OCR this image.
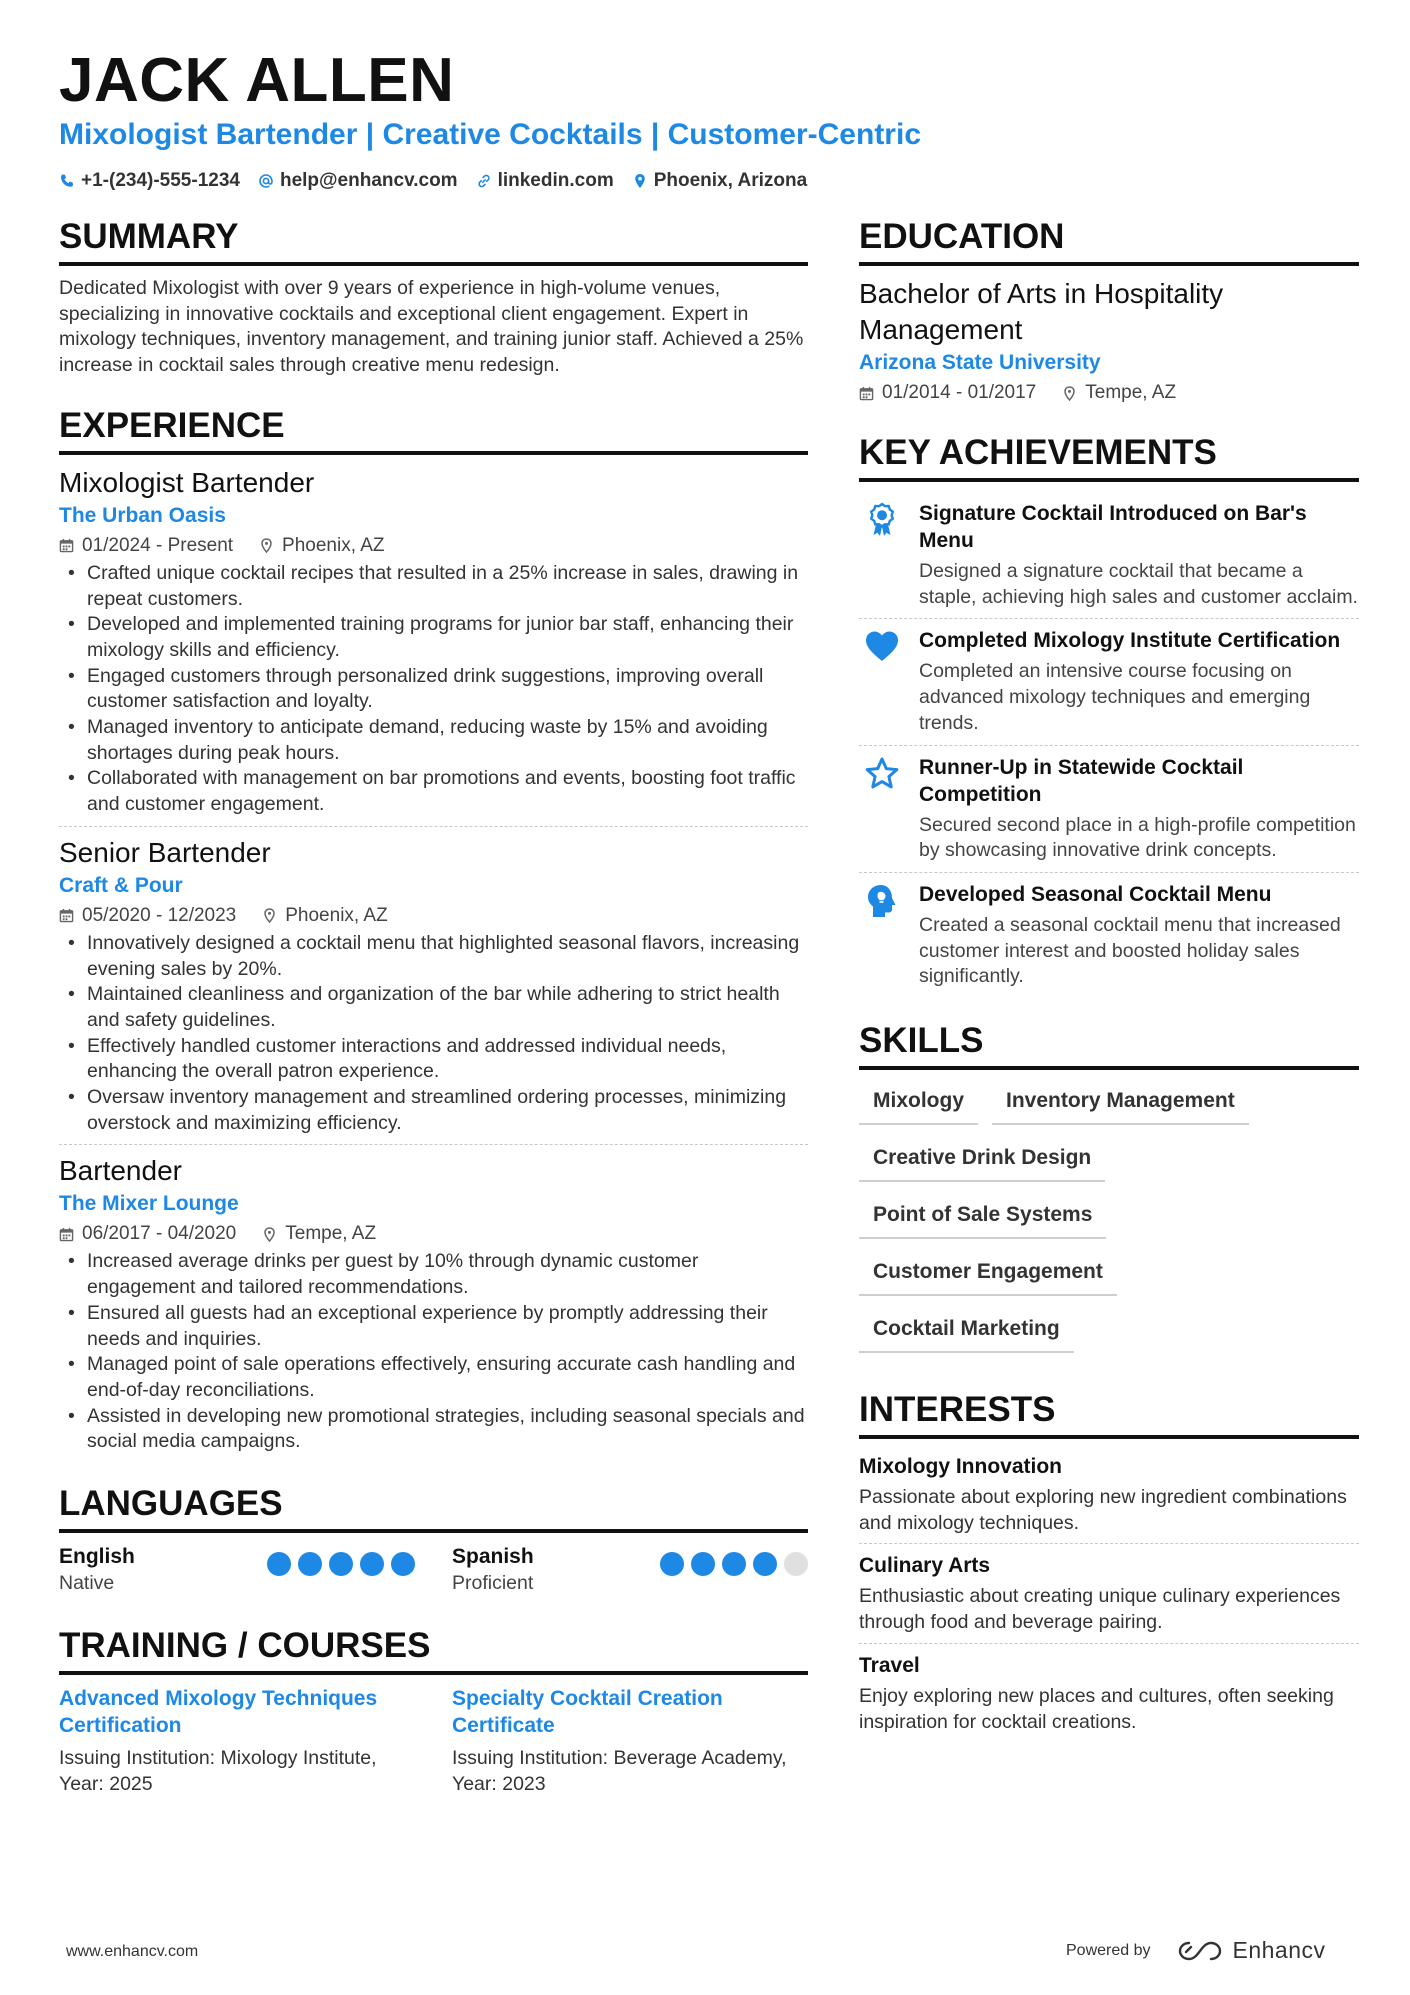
JACK ALLEN
Mixologist Bartender | Creative Cocktails | Customer-Centric
+1-(234)-555-1234 help@enhancv.com linkedin.com Phoenix, Arizona
SUMMARY
Dedicated Mixologist with over 9 years of experience in high-volume venues, specializing in innovative cocktails and exceptional client engagement. Expert in mixology techniques, inventory management, and training junior staff. Achieved a 25% increase in cocktail sales through creative menu redesign.
EXPERIENCE
Mixologist Bartender
The Urban Oasis
01/2024 - Present	Phoenix, AZ
• Crafted unique cocktail recipes that resulted in a 25% increase in sales, drawing in repeat customers.
• Developed and implemented training programs for junior bar staff, enhancing their mixology skills and efficiency.
• Engaged customers through personalized drink suggestions, improving overall customer satisfaction and loyalty.
• Managed inventory to anticipate demand, reducing waste by 15% and avoiding shortages during peak hours.
• Collaborated with management on bar promotions and events, boosting foot traffic and customer engagement.
Senior Bartender
Craft & Pour
05/2020 - 12/2023	Phoenix, AZ
• Innovatively designed a cocktail menu that highlighted seasonal flavors, increasing evening sales by 20%.
• Maintained cleanliness and organization of the bar while adhering to strict health and safety guidelines.
• Effectively handled customer interactions and addressed individual needs, enhancing the overall patron experience.
• Oversaw inventory management and streamlined ordering processes, minimizing overstock and maximizing efficiency.
Bartender
The Mixer Lounge
06/2017 - 04/2020	Tempe, AZ
• Increased average drinks per guest by 10% through dynamic customer engagement and tailored recommendations.
• Ensured all guests had an exceptional experience by promptly addressing their needs and inquiries.
• Managed point of sale operations effectively, ensuring accurate cash handling and end-of-day reconciliations.
• Assisted in developing new promotional strategies, including seasonal specials and social media campaigns.
LANGUAGES
English
Native
Spanish
Proficient
TRAINING / COURSES
Advanced Mixology Techniques Certification
Issuing Institution: Mixology Institute, Year: 2025
Specialty Cocktail Creation Certificate
Issuing Institution: Beverage Academy, Year: 2023
EDUCATION
Bachelor of Arts in Hospitality Management
Arizona State University
01/2014 - 01/2017	Tempe, AZ
KEY ACHIEVEMENTS
Signature Cocktail Introduced on Bar's Menu
Designed a signature cocktail that became a staple, achieving high sales and customer acclaim.
Completed Mixology Institute Certification
Completed an intensive course focusing on advanced mixology techniques and emerging trends.
Runner-Up in Statewide Cocktail Competition
Secured second place in a high-profile competition by showcasing innovative drink concepts.
Developed Seasonal Cocktail Menu
Created a seasonal cocktail menu that increased customer interest and boosted holiday sales significantly.
SKILLS
Mixology	Inventory Management
Creative Drink Design
Point of Sale Systems
Customer Engagement
Cocktail Marketing
INTERESTS
Mixology Innovation
Passionate about exploring new ingredient combinations and mixology techniques.
Culinary Arts
Enthusiastic about creating unique culinary experiences through food and beverage pairing.
Travel
Enjoy exploring new places and cultures, often seeking inspiration for cocktail creations.
www.enhancv.com	Powered by	Enhancv
